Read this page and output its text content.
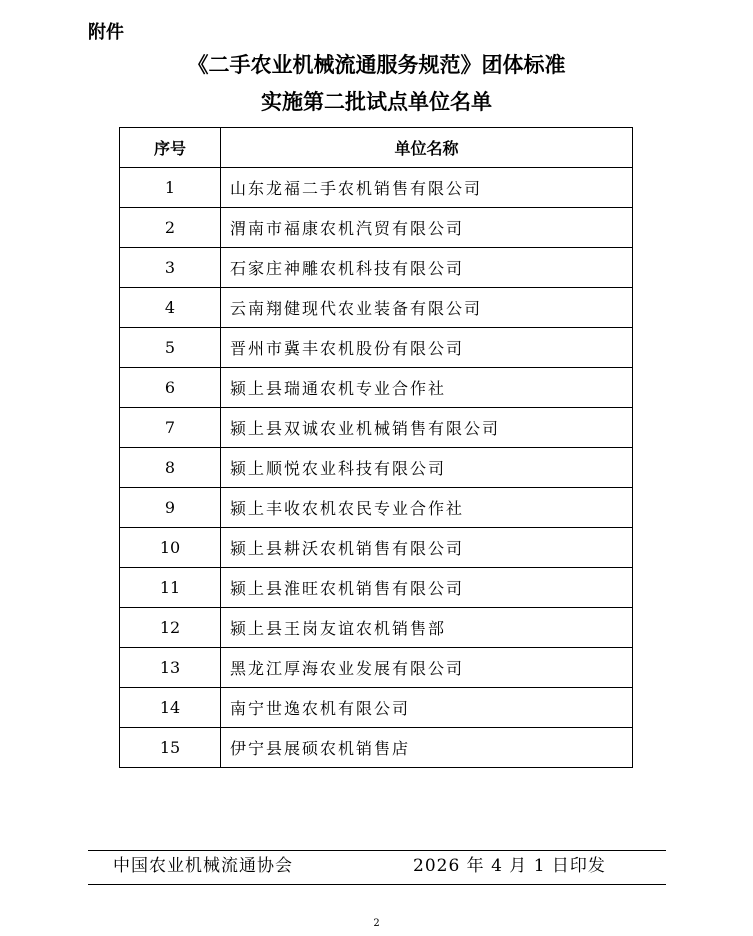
附件
《二手农业机械流通服务规范》团体标准
实施第二批试点单位名单
序号	单位名称
1	山东龙福二手农机销售有限公司
2	渭南市福康农机汽贸有限公司
3	石家庄神雕农机科技有限公司
4	云南翔健现代农业装备有限公司
5	晋州市冀丰农机股份有限公司
6	颍上县瑞通农机专业合作社
7	颍上县双诚农业机械销售有限公司
8	颍上顺悦农业科技有限公司
9	颍上丰收农机农民专业合作社
10	颍上县耕沃农机销售有限公司
11	颍上县淮旺农机销售有限公司
12	颍上县王岗友谊农机销售部
13	黑龙江厚海农业发展有限公司
14	南宁世逸农机有限公司
15	伊宁县展硕农机销售店
中国农业机械流通协会	2026 年 4 月 1 日印发
2
